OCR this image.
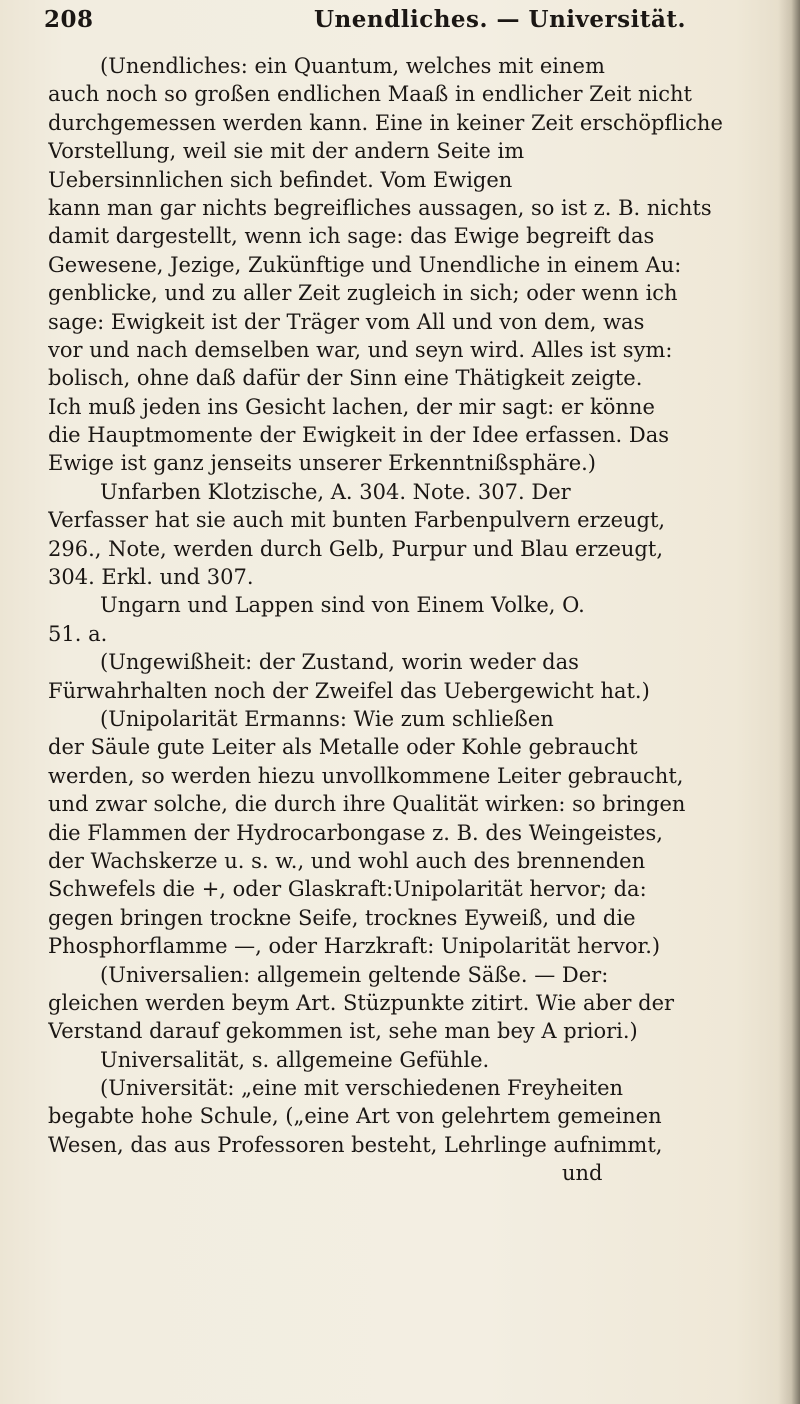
208	Unendliches. — Universität.
(Unendliches: ein Quantum, welches mit einem
auch noch so großen endlichen Maaß in endlicher Zeit nicht
durchgemessen werden kann. Eine in keiner Zeit erschöpfliche
Vorstellung, weil sie mit der andern Seite im
Uebersinnlichen sich befindet. Vom Ewigen
kann man gar nichts begreifliches aussagen, so ist z. B. nichts
damit dargestellt, wenn ich sage: das Ewige begreift das
Gewesene, Jezige, Zukünftige und Unendliche in einem Au:
genblicke, und zu aller Zeit zugleich in sich; oder wenn ich
sage: Ewigkeit ist der Träger vom All und von dem, was
vor und nach demselben war, und seyn wird. Alles ist sym:
bolisch, ohne daß dafür der Sinn eine Thätigkeit zeigte.
Ich muß jeden ins Gesicht lachen, der mir sagt: er könne
die Hauptmomente der Ewigkeit in der Idee erfassen. Das
Ewige ist ganz jenseits unserer Erkenntnißsphäre.)
Unfarben Klotzische, A. 304. Note. 307. Der
Verfasser hat sie auch mit bunten Farbenpulvern erzeugt,
296., Note, werden durch Gelb, Purpur und Blau erzeugt,
304. Erkl. und 307.
Ungarn und Lappen sind von Einem Volke, O.
51. a.
(Ungewißheit: der Zustand, worin weder das
Fürwahrhalten noch der Zweifel das Uebergewicht hat.)
(Unipolarität Ermanns: Wie zum schließen
der Säule gute Leiter als Metalle oder Kohle gebraucht
werden, so werden hiezu unvollkommene Leiter gebraucht,
und zwar solche, die durch ihre Qualität wirken: so bringen
die Flammen der Hydrocarbongase z. B. des Weingeistes,
der Wachskerze u. s. w., und wohl auch des brennenden
Schwefels die +, oder Glaskraft:Unipolarität hervor; da:
gegen bringen trockne Seife, trocknes Eyweiß, und die
Phosphorflamme —, oder Harzkraft: Unipolarität hervor.)
(Universalien: allgemein geltende Säße. — Der:
gleichen werden beym Art. Stüzpunkte zitirt. Wie aber der
Verstand darauf gekommen ist, sehe man bey A priori.)
Universalität, s. allgemeine Gefühle.
(Universität: „eine mit verschiedenen Freyheiten
begabte hohe Schule, („eine Art von gelehrtem gemeinen
Wesen, das aus Professoren besteht, Lehrlinge aufnimmt,
und
